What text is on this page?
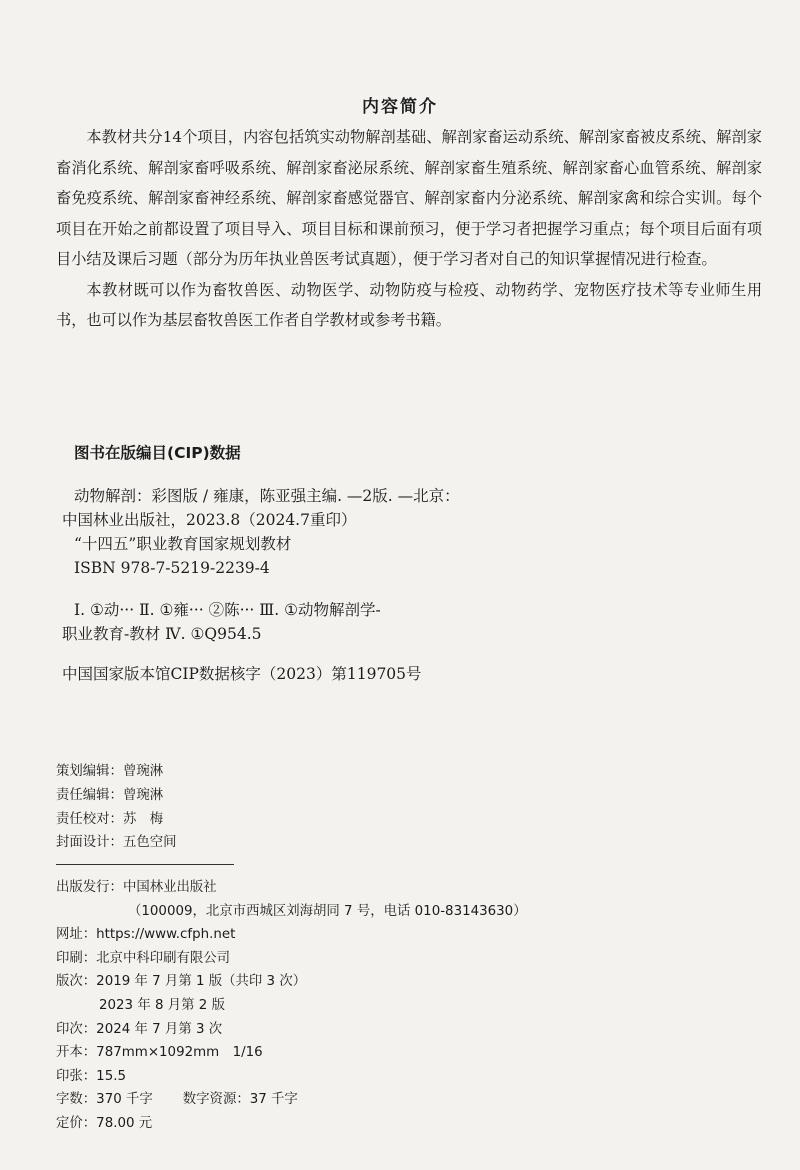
内容简介

本教材共分14个项目，内容包括筑实动物解剖基础、解剖家畜运动系统、解剖家畜被皮系统、解剖家畜消化系统、解剖家畜呼吸系统、解剖家畜泌尿系统、解剖家畜生殖系统、解剖家畜心血管系统、解剖家畜免疫系统、解剖家畜神经系统、解剖家畜感觉器官、解剖家畜内分泌系统、解剖家禽和综合实训。每个项目在开始之前都设置了项目导入、项目目标和课前预习，便于学习者把握学习重点；每个项目后面有项目小结及课后习题（部分为历年执业兽医考试真题），便于学习者对自己的知识掌握情况进行检查。

本教材既可以作为畜牧兽医、动物医学、动物防疫与检疫、动物药学、宠物医疗技术等专业师生用书，也可以作为基层畜牧兽医工作者自学教材或参考书籍。

图书在版编目(CIP)数据
动物解剖：彩图版 / 雍康，陈亚强主编. —2版. —北京：
中国林业出版社，2023.8（2024.7重印）
“十四五”职业教育国家规划教材
ISBN 978-7-5219-2239-4
Ⅰ. ①动··· Ⅱ. ①雍··· ②陈··· Ⅲ. ①动物解剖学-
职业教育-教材 Ⅳ. ①Q954.5
中国国家版本馆CIP数据核字（2023）第119705号
策划编辑：曾琬淋
责任编辑：曾琬淋
责任校对：苏　梅
封面设计：五色空间
出版发行：中国林业出版社
（100009，北京市西城区刘海胡同 7 号，电话 010-83143630）
网址：https://www.cfph.net
印刷：北京中科印刷有限公司
版次：2019 年 7 月第 1 版（共印 3 次）
2023 年 8 月第 2 版
印次：2024 年 7 月第 3 次
开本：787mm×1092mm　1/16
印张：15.5
字数：370 千字 数字资源：37 千字
定价：78.00 元
